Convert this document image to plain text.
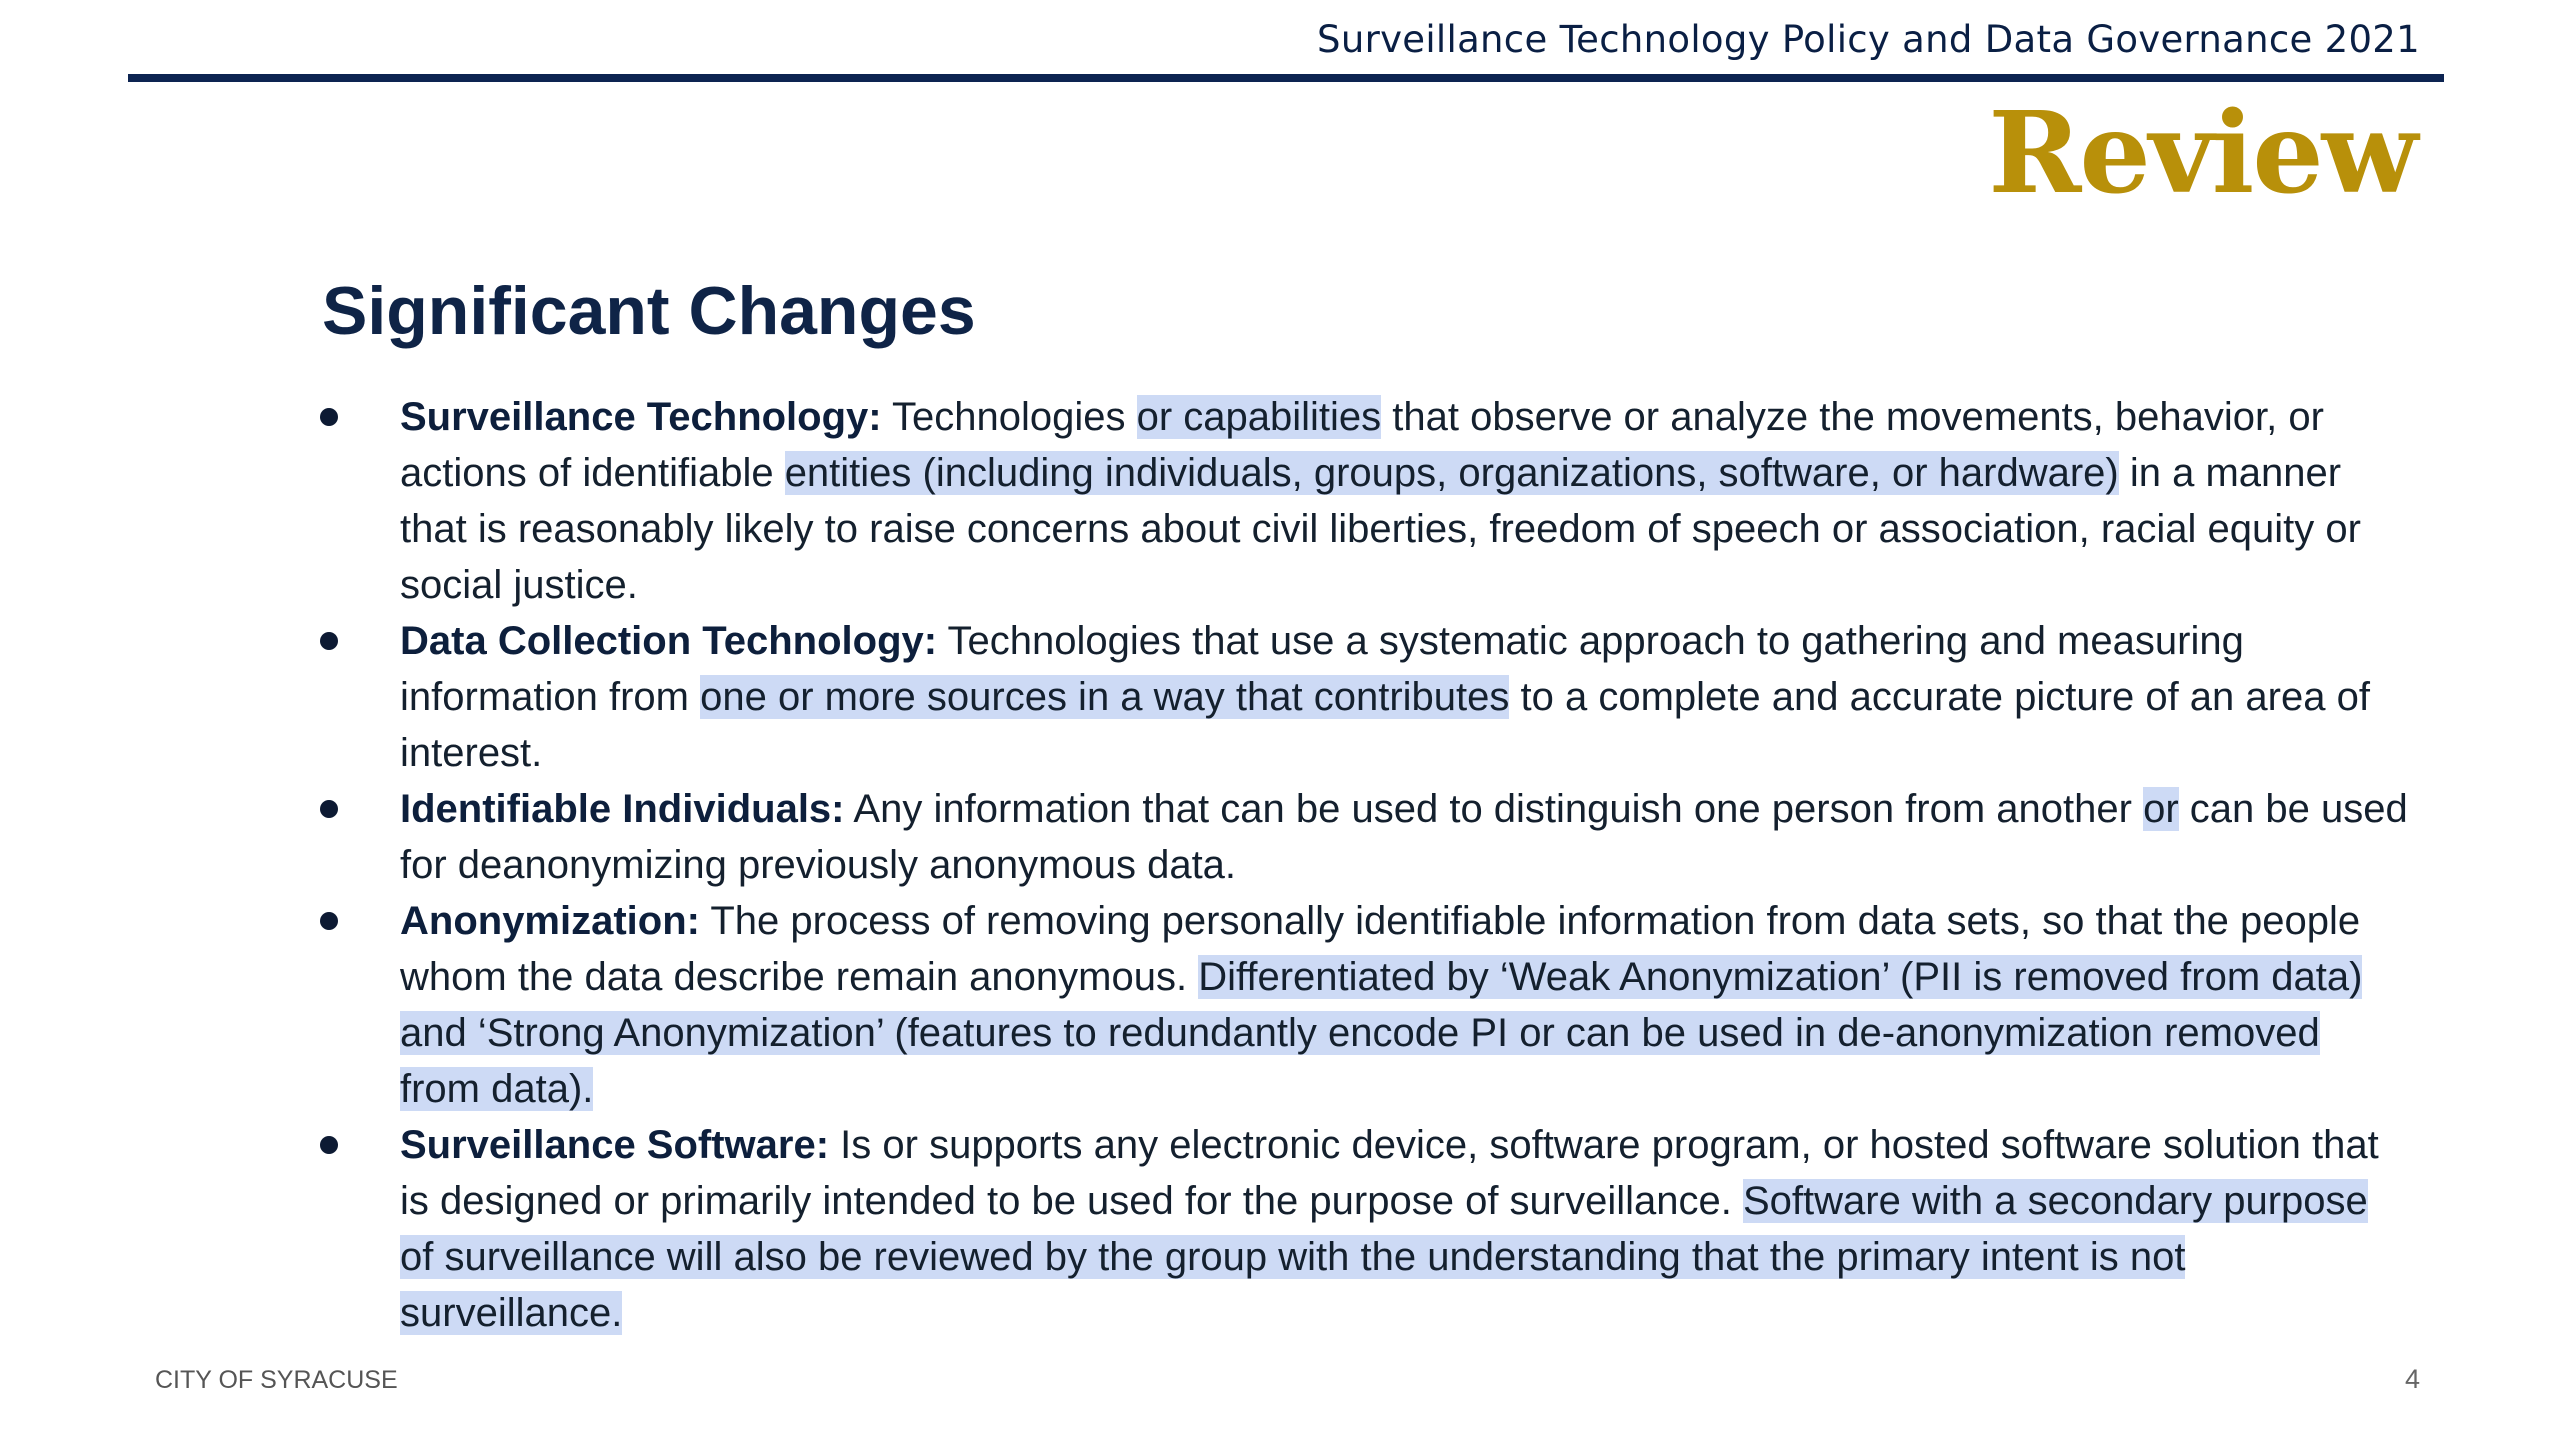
Surveillance Technology Policy and Data Governance 2021
Review
Significant Changes
Surveillance Technology: Technologies or capabilities that observe or analyze the movements, behavior, or actions of identifiable entities (including individuals, groups, organizations, software, or hardware) in a manner that is reasonably likely to raise concerns about civil liberties, freedom of speech or association, racial equity or social justice.
Data Collection Technology: Technologies that use a systematic approach to gathering and measuring information from one or more sources in a way that contributes to a complete and accurate picture of an area of interest.
Identifiable Individuals: Any information that can be used to distinguish one person from another or can be used for deanonymizing previously anonymous data.
Anonymization: The process of removing personally identifiable information from data sets, so that the people whom the data describe remain anonymous. Differentiated by ‘Weak Anonymization’ (PII is removed from data) and ‘Strong Anonymization’ (features to redundantly encode PI or can be used in de-anonymization removed from data).
Surveillance Software: Is or supports any electronic device, software program, or hosted software solution that is designed or primarily intended to be used for the purpose of surveillance. Software with a secondary purpose of surveillance will also be reviewed by the group with the understanding that the primary intent is not surveillance.
CITY OF SYRACUSE	4
